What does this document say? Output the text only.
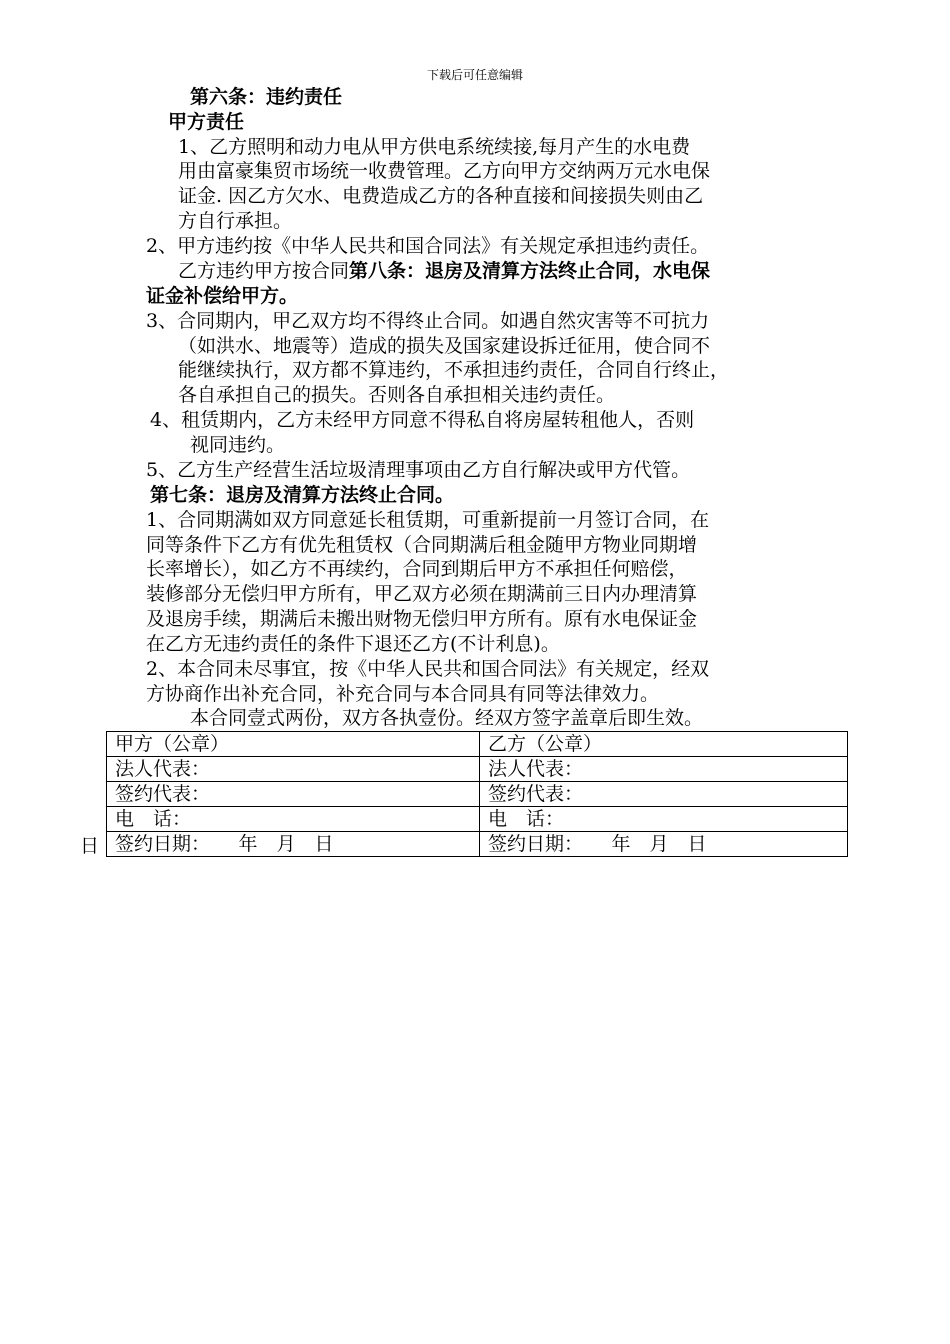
下载后可任意编辑
第六条：违约责任
甲方责任
1、乙方照明和动力电从甲方供电系统续接,每月产生的水电费
用由富豪集贸市场统一收费管理。乙方向甲方交纳两万元水电保
证金. 因乙方欠水、电费造成乙方的各种直接和间接损失则由乙
方自行承担。
2、甲方违约按《中华人民共和国合同法》有关规定承担违约责任。
乙方违约甲方按合同第八条：退房及清算方法终止合同，水电保
证金补偿给甲方。
3、合同期内，甲乙双方均不得终止合同。如遇自然灾害等不可抗力
（如洪水、地震等）造成的损失及国家建设拆迁征用，使合同不
能继续执行，双方都不算违约，不承担违约责任，合同自行终止，
各自承担自己的损失。否则各自承担相关违约责任。
4、租赁期内，乙方未经甲方同意不得私自将房屋转租他人，否则
视同违约。
5、乙方生产经营生活垃圾清理事项由乙方自行解决或甲方代管。
第七条：退房及清算方法终止合同。
1、合同期满如双方同意延长租赁期，可重新提前一月签订合同，在
同等条件下乙方有优先租赁权（合同期满后租金随甲方物业同期增
长率增长），如乙方不再续约，合同到期后甲方不承担任何赔偿，
装修部分无偿归甲方所有，甲乙双方必须在期满前三日内办理清算
及退房手续，期满后未搬出财物无偿归甲方所有。原有水电保证金
在乙方无违约责任的条件下退还乙方(不计利息)。
2、本合同未尽事宜，按《中华人民共和国合同法》有关规定，经双
方协商作出补充合同，补充合同与本合同具有同等法律效力。
本合同壹式两份，双方各执壹份。经双方签字盖章后即生效。
日
甲方（公章）	乙方（公章）
法人代表：	法人代表：
签约代表：	签约代表：
电　话：	电　话：
签约日期：　　年　月　日	签约日期：　　年　月　日
